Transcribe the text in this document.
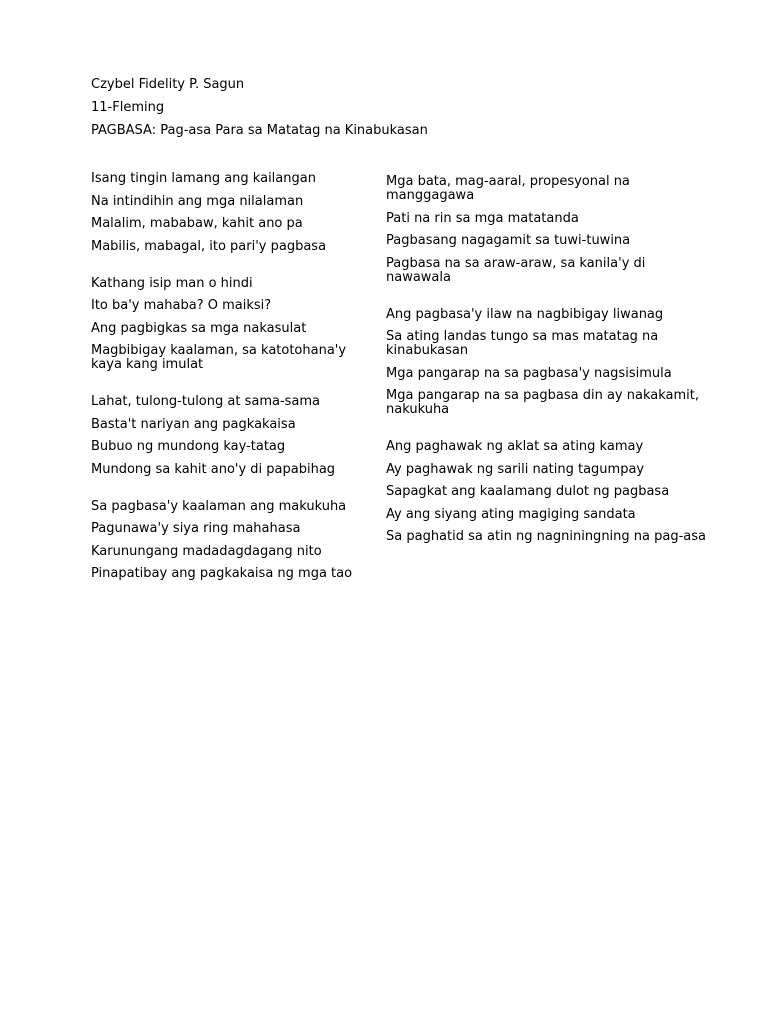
Czybel Fidelity P. Sagun
11-Fleming
PAGBASA: Pag-asa Para sa Matatag na Kinabukasan
Isang tingin lamang ang kailangan
Na intindihin ang mga nilalaman
Malalim, mababaw, kahit ano pa
Mabilis, mabagal, ito pari'y pagbasa
Kathang isip man o hindi
Ito ba'y mahaba? O maiksi?
Ang pagbigkas sa mga nakasulat
Magbibigay kaalaman, sa katotohana'y kaya kang imulat
Lahat, tulong-tulong at sama-sama
Basta't nariyan ang pagkakaisa
Bubuo ng mundong kay-tatag
Mundong sa kahit ano'y di papabihag
Sa pagbasa'y kaalaman ang makukuha
Pagunawa'y siya ring mahahasa
Karunungang madadagdagang nito
Pinapatibay ang pagkakaisa ng mga tao
Mga bata, mag-aaral, propesyonal na manggagawa
Pati na rin sa mga matatanda
Pagbasang nagagamit sa tuwi-tuwina
Pagbasa na sa araw-araw, sa kanila'y di nawawala
Ang pagbasa'y ilaw na nagbibigay liwanag
Sa ating landas tungo sa mas matatag na kinabukasan
Mga pangarap na sa pagbasa'y nagsisimula
Mga pangarap na sa pagbasa din ay nakakamit, nakukuha
Ang paghawak ng aklat sa ating kamay
Ay paghawak ng sarili nating tagumpay
Sapagkat ang kaalamang dulot ng pagbasa
Ay ang siyang ating magiging sandata
Sa paghatid sa atin ng nagniningning na pag-asa
